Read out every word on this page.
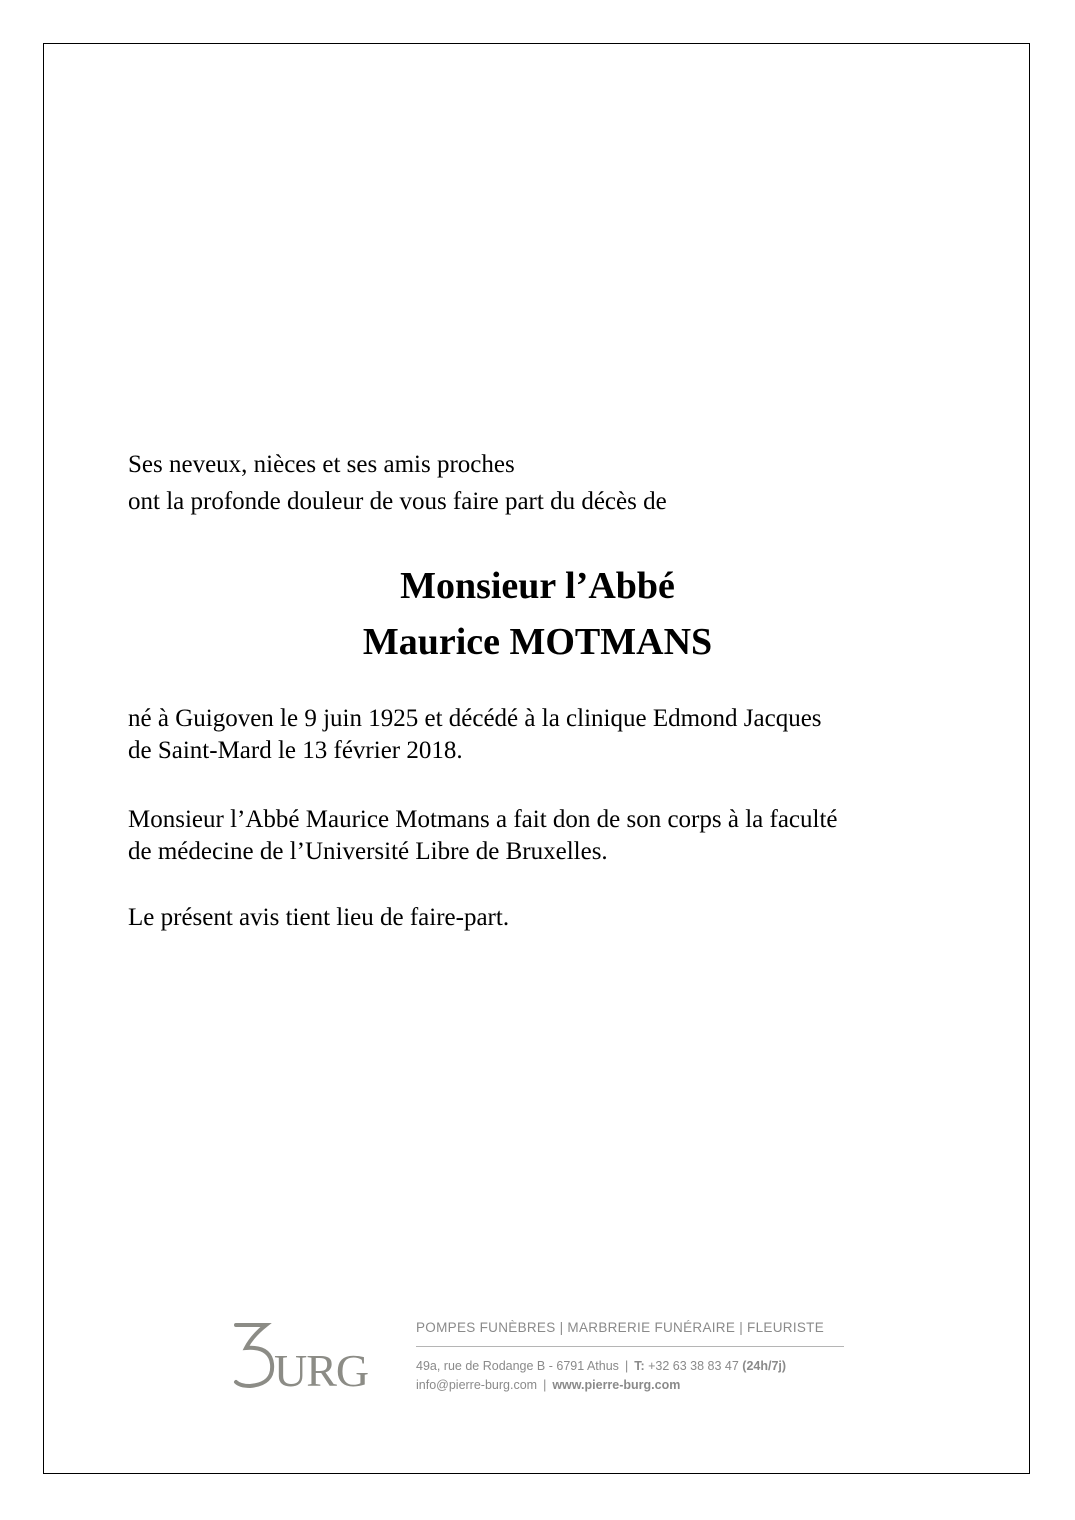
Ses neveux, nièces et ses amis proches
ont la profonde douleur de vous faire part du décès de
Monsieur l’Abbé
Maurice MOTMANS
né à Guigoven le 9 juin 1925 et décédé à la clinique Edmond Jacques
de Saint-Mard le 13 février 2018.
Monsieur l’Abbé Maurice Motmans a fait don de son corps à la faculté
de médecine de l’Université Libre de Bruxelles.
Le présent avis tient lieu de faire-part.
URG
POMPES FUNÈBRES | MARBRERIE FUNÉRAIRE | FLEURISTE
49a, rue de Rodange B - 6791 Athus | T: +32 63 38 83 47 (24h/7j)
info@pierre-burg.com | www.pierre-burg.com
